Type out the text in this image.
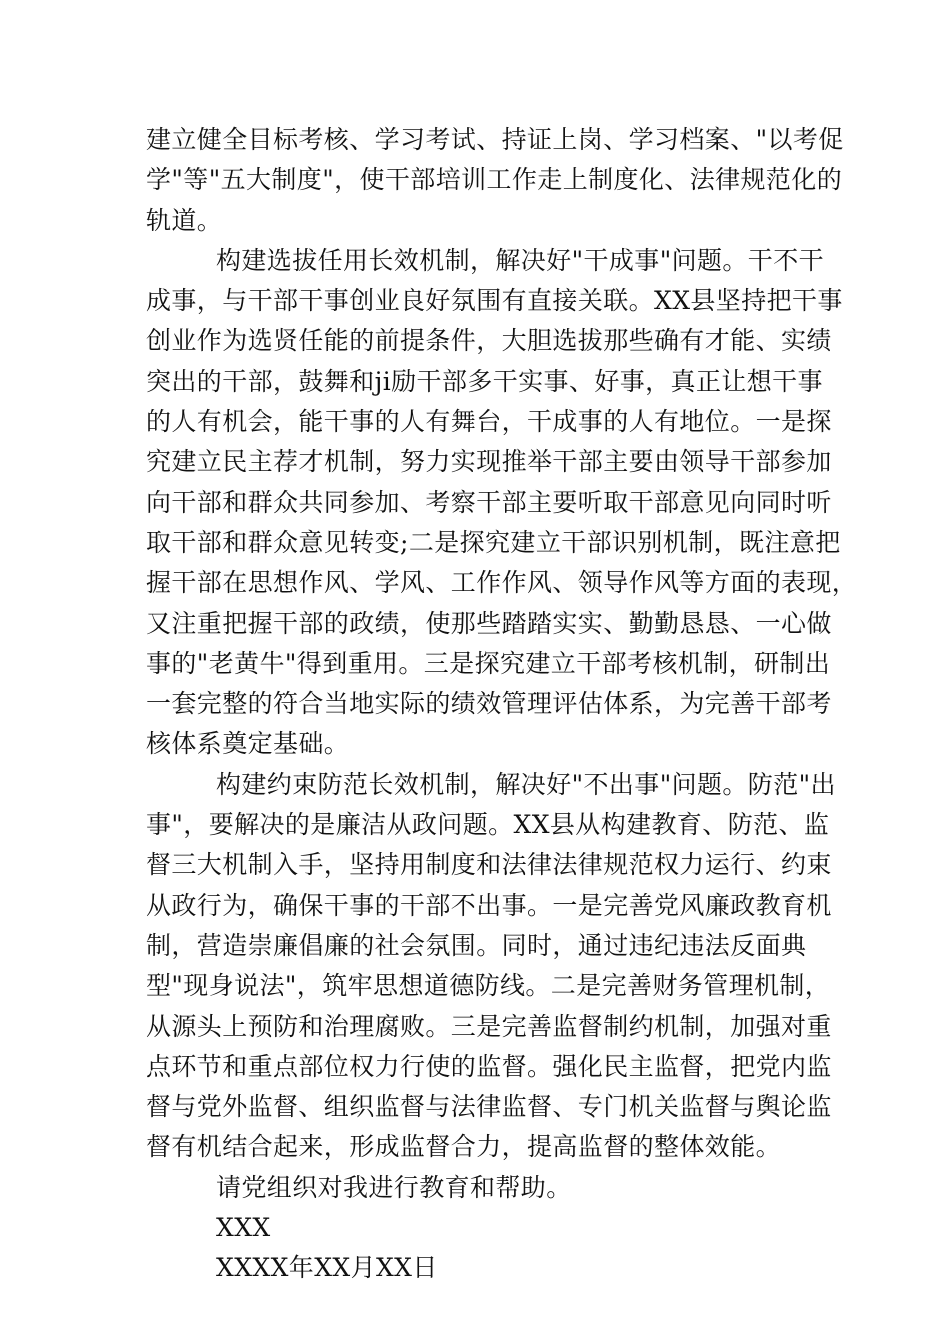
建立健全目标考核、学习考试、持证上岗、学习档案、"以考促
学"等"五大制度"，使干部培训工作走上制度化、法律规范化的
轨道。
构建选拔任用长效机制，解决好"干成事"问题。干不干
成事，与干部干事创业良好氛围有直接关联。XX县坚持把干事
创业作为选贤任能的前提条件，大胆选拔那些确有才能、实绩
突出的干部，鼓舞和ji励干部多干实事、好事，真正让想干事
的人有机会，能干事的人有舞台，干成事的人有地位。一是探
究建立民主荐才机制，努力实现推举干部主要由领导干部参加
向干部和群众共同参加、考察干部主要听取干部意见向同时听
取干部和群众意见转变;二是探究建立干部识别机制，既注意把
握干部在思想作风、学风、工作作风、领导作风等方面的表现，
又注重把握干部的政绩，使那些踏踏实实、勤勤恳恳、一心做
事的"老黄牛"得到重用。三是探究建立干部考核机制，研制出
一套完整的符合当地实际的绩效管理评估体系，为完善干部考
核体系奠定基础。
构建约束防范长效机制，解决好"不出事"问题。防范"出
事"，要解决的是廉洁从政问题。XX县从构建教育、防范、监
督三大机制入手，坚持用制度和法律法律规范权力运行、约束
从政行为，确保干事的干部不出事。一是完善党风廉政教育机
制，营造崇廉倡廉的社会氛围。同时，通过违纪违法反面典
型"现身说法"，筑牢思想道德防线。二是完善财务管理机制，
从源头上预防和治理腐败。三是完善监督制约机制，加强对重
点环节和重点部位权力行使的监督。强化民主监督，把党内监
督与党外监督、组织监督与法律监督、专门机关监督与舆论监
督有机结合起来，形成监督合力，提高监督的整体效能。
请党组织对我进行教育和帮助。
XXX
XXXX年XX月XX日
